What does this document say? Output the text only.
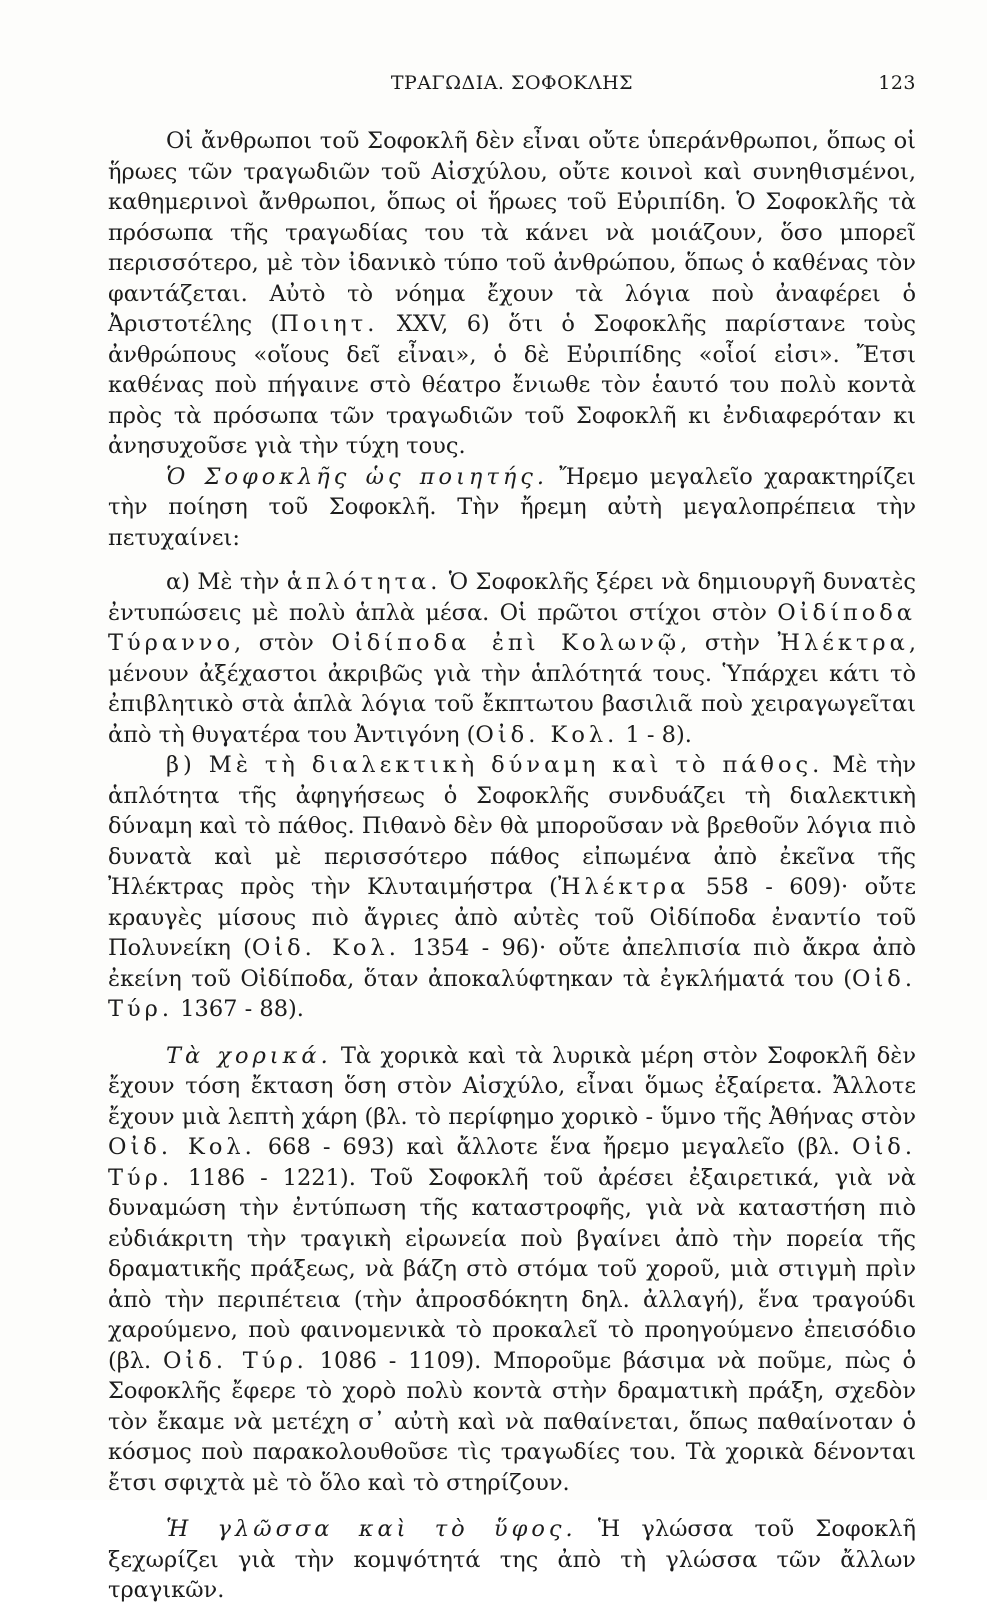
ΤΡΑΓΩΔΙΑ. ΣΟΦΟΚΛΗΣ	123

Οἱ ἄνθρωποι τοῦ Σοφοκλῆ δὲν εἶναι οὔτε ὑπεράνθρωποι, ὅπως οἱ ἥρωες τῶν τραγωδιῶν τοῦ Αἰσχύλου, οὔτε κοινοὶ καὶ συνηθισμένοι, καθημερινοὶ ἄνθρωποι, ὅπως οἱ ἥρωες τοῦ Εὐριπίδη. Ὁ Σοφοκλῆς τὰ πρόσωπα τῆς τραγωδίας του τὰ κάνει νὰ μοιάζουν, ὅσο μπορεῖ περισσότερο, μὲ τὸν ἰδανικὸ τύπο τοῦ ἀνθρώπου, ὅπως ὁ καθένας τὸν φαντάζεται. Αὐτὸ τὸ νόημα ἔχουν τὰ λόγια ποὺ ἀναφέρει ὁ Ἀριστοτέλης (Ποιητ. XXV, 6) ὅτι ὁ Σοφοκλῆς παρίστανε τοὺς ἀνθρώπους «οἵους δεῖ εἶναι», ὁ δὲ Εὐριπίδης «οἷοί εἰσι». Ἔτσι καθένας ποὺ πήγαινε στὸ θέατρο ἔνιωθε τὸν ἑαυτό του πολὺ κοντὰ πρὸς τὰ πρόσωπα τῶν τραγωδιῶν τοῦ Σοφοκλῆ κι ἐνδιαφερόταν κι ἀνησυχοῦσε γιὰ τὴν τύχη τους.

Ὁ Σοφοκλῆς ὡς ποιητής. Ἤρεμο μεγαλεῖο χαρακτηρίζει τὴν ποίηση τοῦ Σοφοκλῆ. Τὴν ἤρεμη αὐτὴ μεγαλοπρέπεια τὴν πετυχαίνει:

α) Μὲ τὴν ἁπλότητα. Ὁ Σοφοκλῆς ξέρει νὰ δημιουργῆ δυνατὲς ἐντυπώσεις μὲ πολὺ ἁπλὰ μέσα. Οἱ πρῶτοι στίχοι στὸν Οἰδίποδα Τύραννο, στὸν Οἰδίποδα ἐπὶ Κολωνῷ, στὴν Ἠλέκτρα, μένουν ἀξέχαστοι ἀκριβῶς γιὰ τὴν ἁπλότητά τους. Ὑπάρχει κάτι τὸ ἐπιβλητικὸ στὰ ἁπλὰ λόγια τοῦ ἔκπτωτου βασιλιᾶ ποὺ χειραγωγεῖται ἀπὸ τὴ θυγατέρα του Ἀντιγόνη (Οἰδ. Κολ. 1 - 8).

β) Μὲ τὴ διαλεκτικὴ δύναμη καὶ τὸ πάθος. Μὲ τὴν ἁπλότητα τῆς ἀφηγήσεως ὁ Σοφοκλῆς συνδυάζει τὴ διαλεκτικὴ δύναμη καὶ τὸ πάθος. Πιθανὸ δὲν θὰ μποροῦσαν νὰ βρεθοῦν λόγια πιὸ δυνατὰ καὶ μὲ περισσότερο πάθος εἰπωμένα ἀπὸ ἐκεῖνα τῆς Ἠλέκτρας πρὸς τὴν Κλυταιμήστρα (Ἠλέκτρα 558 - 609)· οὔτε κραυγὲς μίσους πιὸ ἄγριες ἀπὸ αὐτὲς τοῦ Οἰδίποδα ἐναντίο τοῦ Πολυνείκη (Οἰδ. Κολ. 1354 - 96)· οὔτε ἀπελπισία πιὸ ἄκρα ἀπὸ ἐκείνη τοῦ Οἰδίποδα, ὅταν ἀποκαλύφτηκαν τὰ ἐγκλήματά του (Οἰδ. Τύρ. 1367 - 88).

Τὰ χορικά. Τὰ χορικὰ καὶ τὰ λυρικὰ μέρη στὸν Σοφοκλῆ δὲν ἔχουν τόση ἔκταση ὅση στὸν Αἰσχύλο, εἶναι ὅμως ἐξαίρετα. Ἄλλοτε ἔχουν μιὰ λεπτὴ χάρη (βλ. τὸ περίφημο χορικὸ - ὕμνο τῆς Ἀθήνας στὸν Οἰδ. Κολ. 668 - 693) καὶ ἄλλοτε ἕνα ἤρεμο μεγαλεῖο (βλ. Οἰδ. Τύρ. 1186 - 1221). Τοῦ Σοφοκλῆ τοῦ ἀρέσει ἐξαιρετικά, γιὰ νὰ δυναμώση τὴν ἐντύπωση τῆς καταστροφῆς, γιὰ νὰ καταστήση πιὸ εὐδιάκριτη τὴν τραγικὴ εἰρωνεία ποὺ βγαίνει ἀπὸ τὴν πορεία τῆς δραματικῆς πράξεως, νὰ βάζη στὸ στόμα τοῦ χοροῦ, μιὰ στιγμὴ πρὶν ἀπὸ τὴν περιπέτεια (τὴν ἀπροσδόκητη δηλ. ἀλλαγή), ἕνα τραγούδι χαρούμενο, ποὺ φαινομενικὰ τὸ προκαλεῖ τὸ προηγούμενο ἐπεισόδιο (βλ. Οἰδ. Τύρ. 1086 - 1109). Μποροῦμε βάσιμα νὰ ποῦμε, πὼς ὁ Σοφοκλῆς ἔφερε τὸ χορὸ πολὺ κοντὰ στὴν δραματικὴ πράξη, σχεδὸν τὸν ἔκαμε νὰ μετέχη σ᾽ αὐτὴ καὶ νὰ παθαίνεται, ὅπως παθαίνοταν ὁ κόσμος ποὺ παρακολουθοῦσε τὶς τραγωδίες του. Τὰ χορικὰ δένονται ἔτσι σφιχτὰ μὲ τὸ ὅλο καὶ τὸ στηρίζουν.

Ἡ γλῶσσα καὶ τὸ ὕφος. Ἡ γλώσσα τοῦ Σοφοκλῆ ξεχωρίζει γιὰ τὴν κομψότητά της ἀπὸ τὴ γλώσσα τῶν ἄλλων τραγικῶν.
